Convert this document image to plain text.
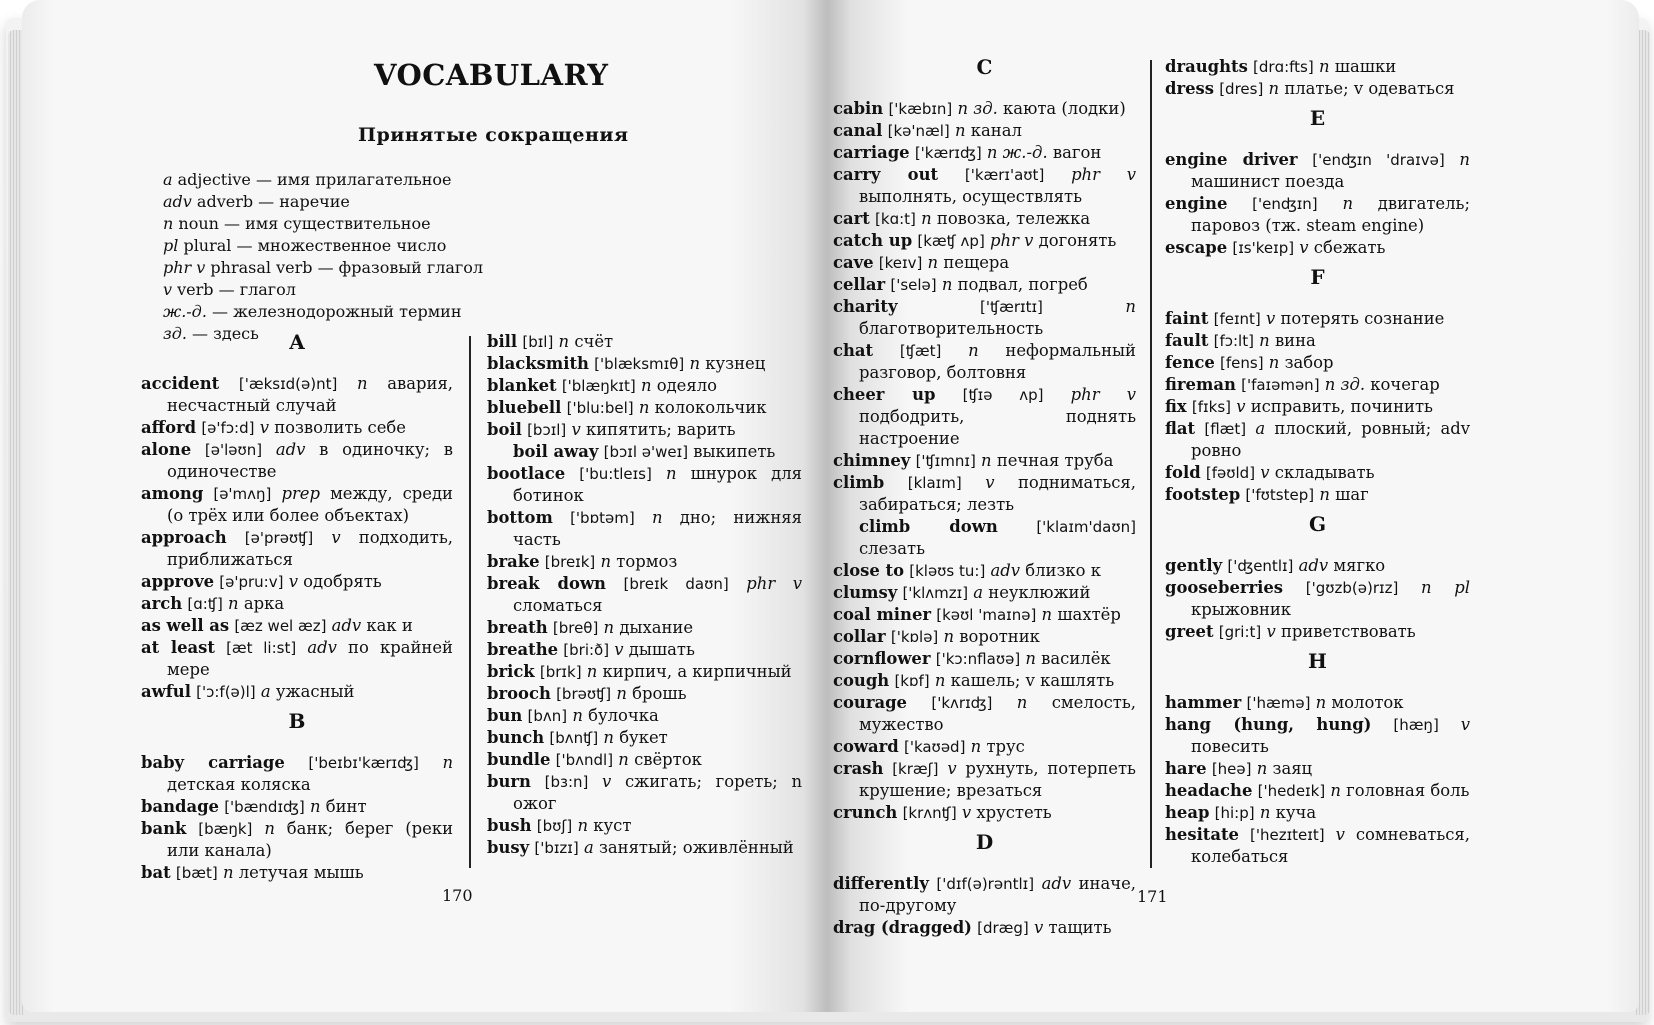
VOCABULARY
Принятые сокращения
a adjective — имя прилагательное
adv adverb — наречие
n noun — имя существительное
pl plural — множественное число
phr v phrasal verb — фразовый глагол
v verb — глагол
ж.-д. — железнодорожный термин
зд. — здесь	A
accident ['æksɪd(ə)nt] n авария, несчастный случай
afford [ə'fɔ:d] v позволить себе
alone [ə'ləʊn] adv в одиночку; в одиночестве
among [ə'mʌŋ] prep между, среди (о трёх или более объектах)
approach [ə'prəʊʧ] v подходить, приближаться
approve [ə'pru:v] v одобрять
arch [ɑ:ʧ] n арка
as well as [æz wel æz] adv как и
at least [æt li:st] adv по крайней мере
awful ['ɔ:f(ə)l] a ужасный
B
baby carriage ['beɪbɪ'kærɪʤ] n детская коляска
bandage ['bændɪʤ] n бинт
bank [bæŋk] n банк; берег (реки или канала)
bat [bæt] n летучая мышь
bill [bɪl] n счёт
blacksmith ['blæksmɪθ] n кузнец
blanket ['blæŋkɪt] n одеяло
bluebell ['blu:bel] n колокольчик
boil [bɔɪl] v кипятить; варить
boil away [bɔɪl ə'weɪ] выкипеть
bootlace ['bu:tleɪs] n шнурок для ботинок
bottom ['bɒtəm] n дно; нижняя часть
brake [breɪk] n тормоз
break down [breɪk daʊn] phr v сломаться
breath [breθ] n дыхание
breathe [bri:ð] v дышать
brick [brɪk] n кирпич, a кирпичный
brooch [brəʊʧ] n брошь
bun [bʌn] n булочка
bunch [bʌnʧ] n букет
bundle ['bʌndl] n свёрток
burn [bɜ:n] v сжигать; гореть; n ожог
bush [bʊʃ] n куст
busy ['bɪzɪ] a занятый; оживлённый
170
C
cabin ['kæbɪn] n зд. каюта (лодки)
canal [kə'næl] n канал
carriage ['kærɪʤ] n ж.-д. вагон
carry out ['kærɪ'aʊt] phr v выполнять, осуществлять
cart [kɑ:t] n повозка, тележка
catch up [kæʧ ʌp] phr v догонять
cave [keɪv] n пещера
cellar ['selə] n подвал, погреб
charity	['ʧærɪtɪ]	n благотворительность
chat [ʧæt] n неформальный разговор, болтовня
cheer up [ʧɪə ʌp] phr v подбодрить, поднять настроение
chimney ['ʧɪmnɪ] n печная труба
climb [klaɪm] v подниматься, забираться; лезть
climb down	['klaɪm'daʊn] слезать
close to [kləʊs tu:] adv близко к
clumsy ['klʌmzɪ] a неуклюжий
coal miner [kəʊl 'maɪnə] n шахтёр
collar ['kɒlə] n воротник
cornflower ['kɔ:nflaʊə] n василёк
cough [kɒf] n кашель; v кашлять
courage ['kʌrɪʤ] n смелость, мужество
coward ['kaʊəd] n трус
crash [kræʃ] v рухнуть, потерпеть крушение; врезаться
crunch [krʌnʧ] v хрустеть
D
differently ['dɪf(ə)rəntlɪ] adv иначе, по-другому
drag (dragged) [dræg] v тащить
draughts [drɑ:fts] n шашки
dress [dres] n платье; v одеваться
E
engine driver ['enʤɪn 'draɪvə] n машинист поезда
engine ['enʤɪn] n двигатель; паровоз (тж. steam engine)
escape [ɪs'keɪp] v сбежать
F
faint [feɪnt] v потерять сознание
fault [fɔ:lt] n вина
fence [fens] n забор
fireman ['faɪəmən] n зд. кочегар
fix [fɪks] v исправить, починить
flat [flæt] a плоский, ровный; adv ровно
fold [fəʊld] v складывать
footstep ['fʊtstep] n шаг
G
gently ['ʤentlɪ] adv мягко
gooseberries ['gʊzb(ə)rɪz] n pl крыжовник
greet [gri:t] v приветствовать
H
hammer ['hæmə] n молоток
hang (hung, hung) [hæŋ] v повесить
hare [heə] n заяц
headache ['hedeɪk] n головная боль
heap [hi:p] n куча
hesitate ['hezɪteɪt] v сомневаться, колебаться
171
